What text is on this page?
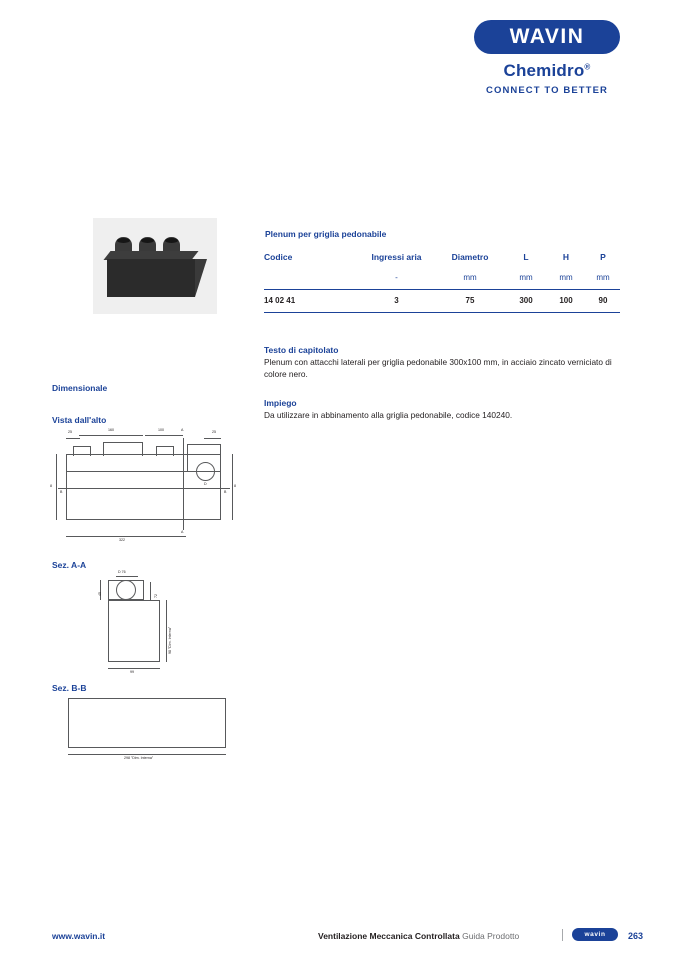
WAVIN
Chemidro®
CONNECT TO BETTER
Plenum per griglia pedonabile
Codice	Ingressi aria	Diametro	L	H	P
	-	mm	mm	mm	mm

14 02 41	3	75	300	100	90

Testo di capitolato
Plenum con attacchi laterali per griglia pedonabile 300x100 mm, in acciaio zincato verniciato di colore nero.
Impiego
Da utilizzare in abbinamento alla griglia pedonabile, codice 140240.
Dimensionale
Vista dall'alto
Sez. A-A
Sez. B-B
25	160	100	A	25
8	8
B	B
D
322
A
D 76
45	72
98 "Dim. Interna"
99
298 "Dim. Interna"
www.wavin.it	Ventilazione Meccanica Controllata Guida Prodotto	wavin 263
